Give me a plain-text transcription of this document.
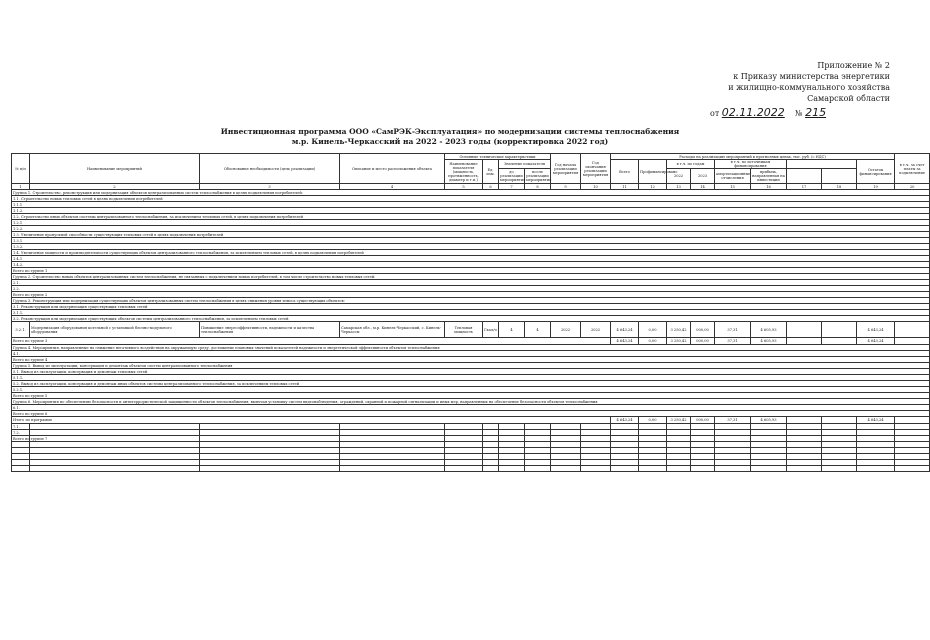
Приложение № 2
к Приказу министерства энергетики
и жилищно-коммунального хозяйства
Самарской области
от 02.11.2022 № 215
Инвестиционная программа ООО «СамРЭК-Эксплуатация» по модернизации системы теплоснабжения
м.р. Кинель-Черкасский на 2022 - 2023 годы (корректировка 2022 год)
№ п/п	Наименование мероприятий	Обоснование необходимости (цель реализации)	Описание и место расположения объекта	Основные технические характеристики				Год начала реализации мероприятия	Год окончания реализации мероприятия	Расходы на реализацию мероприятий в прогнозных ценах, тыс. руб. (с НДС)									в т.ч. за счет платы за подключение
				Наименование показателя (мощность, протяженность, диаметр и т.п.)	Ед. изм.	Значение показателя				Всего	Профинансировано	в т.ч. по годам		в т.ч. по источникам финансирования				Остаток финансирования	
						до реализации мероприятия	после реализации мероприятия					2022	2023	амортизационные отчисления	прибыль, направленная на инвестиции				
1	2	3	4	5	6	7	8	9	10	11	12	13	14	15	16	17	18	19	20
Группа 1. Строительство, реконструкция или модернизация объектов централизованных систем теплоснабжения в целях подключения потребителей:																			
1.1. Строительство новых тепловых сетей в целях подключения потребителей																			
1.1.1																			
1.1.2.																			
1.2. Строительство иных объектов системы централизованного теплоснабжения, за исключением тепловых сетей, в целях подключения потребителей																			
1.2.1																			
1.2.2.																			
1.3. Увеличение пропускной способности существующих тепловых сетей в целях подключения потребителей																			
1.3.1																			
1.3.2.																			
1.4. Увеличение мощности и производительности существующих объектов централизованного теплоснабжения, за исключением тепловых сетей, в целях подключения потребителей																			
1.4.1																			
1.4.2.																			
Всего по группе 1																			
Группа 2. Строительство новых объектов централизованных систем теплоснабжения, не связанных с подключением новых потребителей, в том числе строительство новых тепловых сетей:																			
2.1.																			
2.2.																			
Всего по группе 2																			
Группа 3. Реконструкция или модернизация существующих объектов централизованных систем теплоснабжения в целях снижения уровня износа существующих объектов:																			
3.1. Реконструкция или модернизация существующих тепловых сетей																			
3.1.1.																			
3.2. Реконструкция или модернизация существующих объектов системы централизованного теплоснабжения, за исключением тепловых сетей																			
3.2.1.	Модернизация оборудования котельной с установкой блочно-модульного оборудования	Повышение энергоэффективности, надежности и качества теплоснабжения	Самарская обл., м.р. Кинель-Черкасский, с. Кинель-Черкассы	Тепловая мощность	Гкал/ч	4	4	2022	2022	4 643,24	0,00	3 250,42	000,00	37,31	4 605,93			4 643,24	
Всего по группе 3										4 643,24	0,00	3 250,42	000,00	37,31	4 605,93			4 643,24	
Группа 4. Мероприятия, направленные на снижение негативного воздействия на окружающую среду, достижение плановых значений показателей надежности и энергетической эффективности объектов теплоснабжения																			
4.1.																			
Всего по группе 4																			
Группа 5. Вывод из эксплуатации, консервация и демонтаж объектов систем централизованного теплоснабжения																			
5.1. Вывод из эксплуатации, консервация и демонтаж тепловых сетей																			
5.1.1.																			
5.2. Вывод из эксплуатации, консервация и демонтаж иных объектов системы централизованного теплоснабжения, за исключением тепловых сетей																			
5.2.1.																			
Всего по группе 5																			
Группа 6. Мероприятия по обеспечению безопасности и антитеррористической защищенности объектов теплоснабжения, включая установку систем видеонаблюдения, ограждений, охранной и пожарной сигнализации и иных мер, направленных на обеспечение безопасности объектов теплоснабжения																			
6.1.																			
Всего по группе 6																			
Итого по программе										4 643,24	0,00	3 250,42	000,00	37,31	4 605,93			4 643,24	
7.1.																			
7.2.																			
Всего по группе 7																			
